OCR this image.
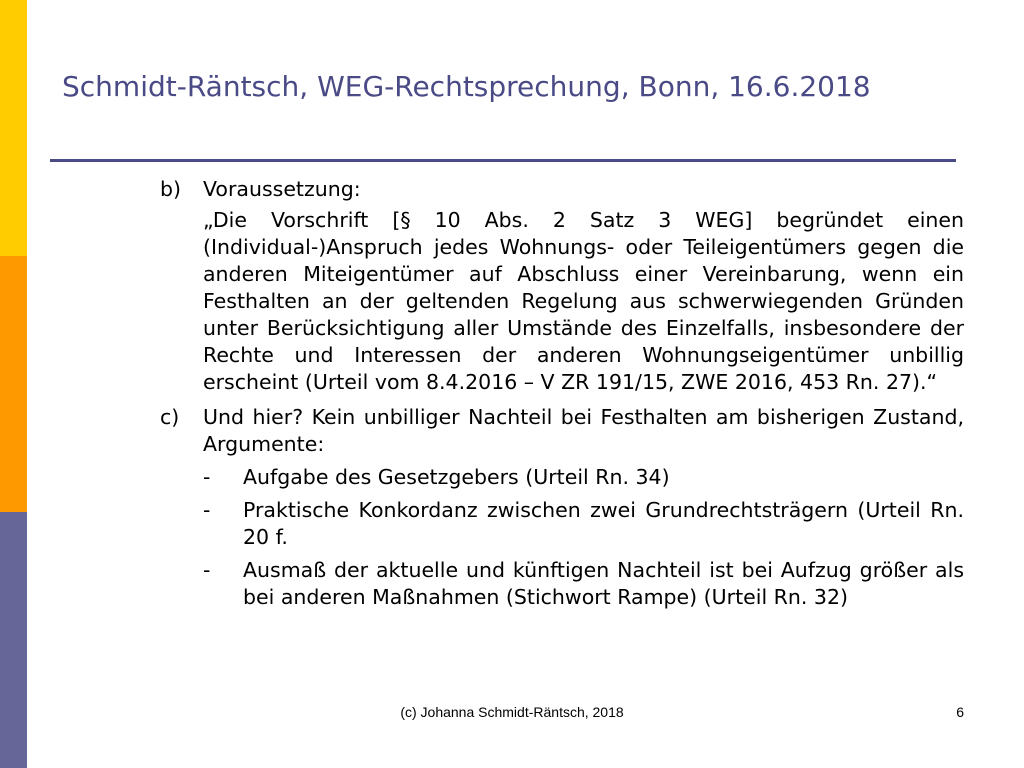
Schmidt-Räntsch, WEG-Rechtsprechung, Bonn, 16.6.2018
b)	Voraussetzung:
„Die Vorschrift [§ 10 Abs. 2 Satz 3 WEG] begründet einen (Individual-)Anspruch jedes Wohnungs- oder Teileigentümers gegen die anderen Miteigentümer auf Abschluss einer Vereinbarung, wenn ein Festhalten an der geltenden Regelung aus schwerwiegenden Gründen unter Berücksichtigung aller Umstände des Einzelfalls, insbesondere der Rechte und Interessen der anderen Wohnungseigentümer unbillig erscheint (Urteil vom 8.4.2016 – V ZR 191/15, ZWE 2016, 453 Rn. 27).“
c)	Und hier? Kein unbilliger Nachteil bei Festhalten am bisherigen Zustand, Argumente:
-	Aufgabe des Gesetzgebers (Urteil Rn. 34)
-	Praktische Konkordanz zwischen zwei Grundrechtsträgern (Urteil Rn. 20 f.
-	Ausmaß der aktuelle und künftigen Nachteil ist bei Aufzug größer als bei anderen Maßnahmen (Stichwort Rampe) (Urteil Rn. 32)
(c) Johanna Schmidt-Räntsch, 2018	6
